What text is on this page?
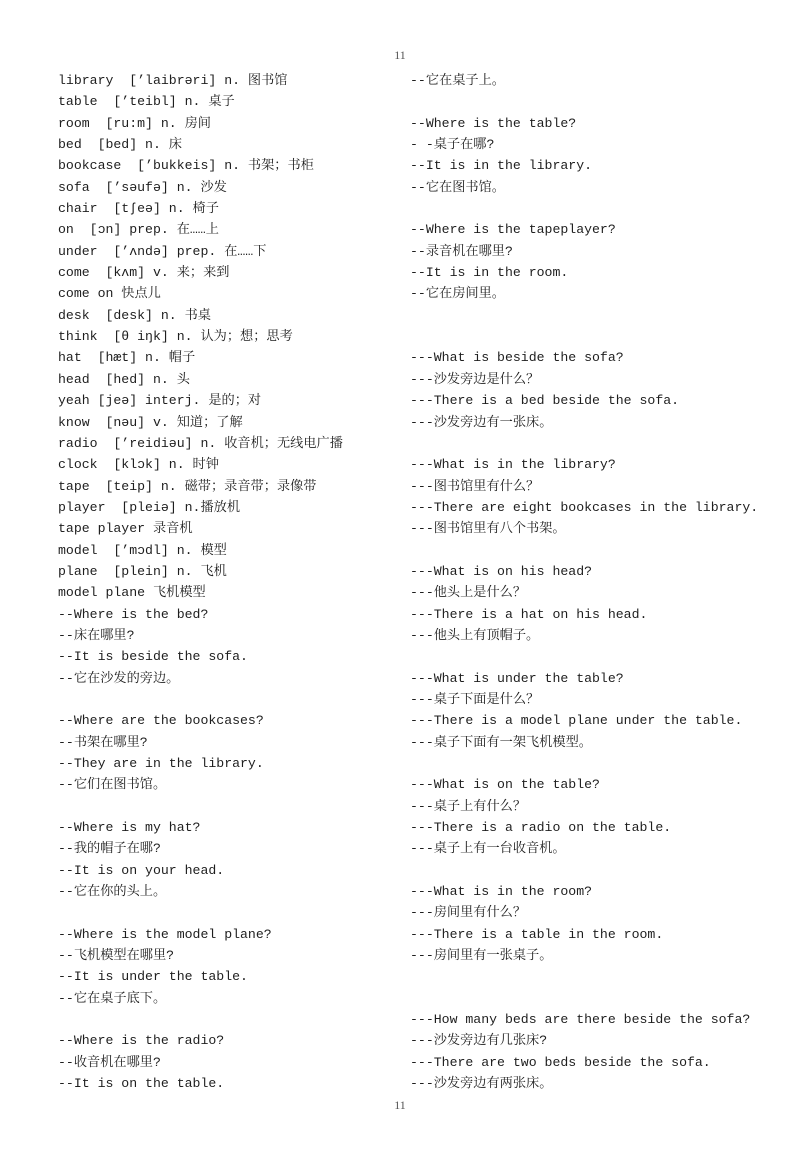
11
library  [’laibrəri] n. 图书馆
table  [’teibl] n. 桌子
room  [ru:m] n. 房间
bed  [bed] n. 床
bookcase  [’bukkeis] n. 书架；书柜
sofa  [’səufə] n. 沙发
chair  [tʃeə] n. 椅子
on  [ɔn] prep. 在……上
under  [’ʌndə] prep. 在……下
come  [kʌm] v. 来；来到
come on 快点儿
desk  [desk] n. 书桌
think  [θ iŋk] n. 认为；想；思考
hat  [hæt] n. 帽子
head  [hed] n. 头
yeah [jeə] interj. 是的；对
know  [nəu] v. 知道；了解
radio  [’reidiəu] n. 收音机；无线电广播
clock  [klɔk] n. 时钟
tape  [teip] n. 磁带；录音带；录像带
player  [pleiə] n.播放机
tape player 录音机
model  [’mɔdl] n. 模型
plane  [plein] n. 飞机
model plane 飞机模型
--Where is the bed?
--床在哪里?
--It is beside the sofa.
--它在沙发的旁边。
--Where are the bookcases?
--书架在哪里?
--They are in the library.
--它们在图书馆。
--Where is my hat?
--我的帽子在哪?
--It is on your head.
--它在你的头上。
--Where is the model plane?
--飞机模型在哪里?
--It is under the table.
--它在桌子底下。
--Where is the radio?
--收音机在哪里?
--It is on the table.
--它在桌子上。
--Where is the table?
- -桌子在哪?
--It is in the library.
--它在图书馆。
--Where is the tapeplayer?
--录音机在哪里?
--It is in the room.
--它在房间里。
---What is beside the sofa?
---沙发旁边是什么？
---There is a bed beside the sofa.
---沙发旁边有一张床。
---What is in the library?
---图书馆里有什么？
---There are eight bookcases in the library.
---图书馆里有八个书架。
---What is on his head?
---他头上是什么？
---There is a hat on his head.
---他头上有顶帽子。
---What is under the table?
---桌子下面是什么？
---There is a model plane under the table.
---桌子下面有一架飞机模型。
---What is on the table?
---桌子上有什么？
---There is a radio on the table.
---桌子上有一台收音机。
---What is in the room?
---房间里有什么？
---There is a table in the room.
---房间里有一张桌子。
---How many beds are there beside the sofa?
---沙发旁边有几张床?
---There are two beds beside the sofa.
---沙发旁边有两张床。
11
